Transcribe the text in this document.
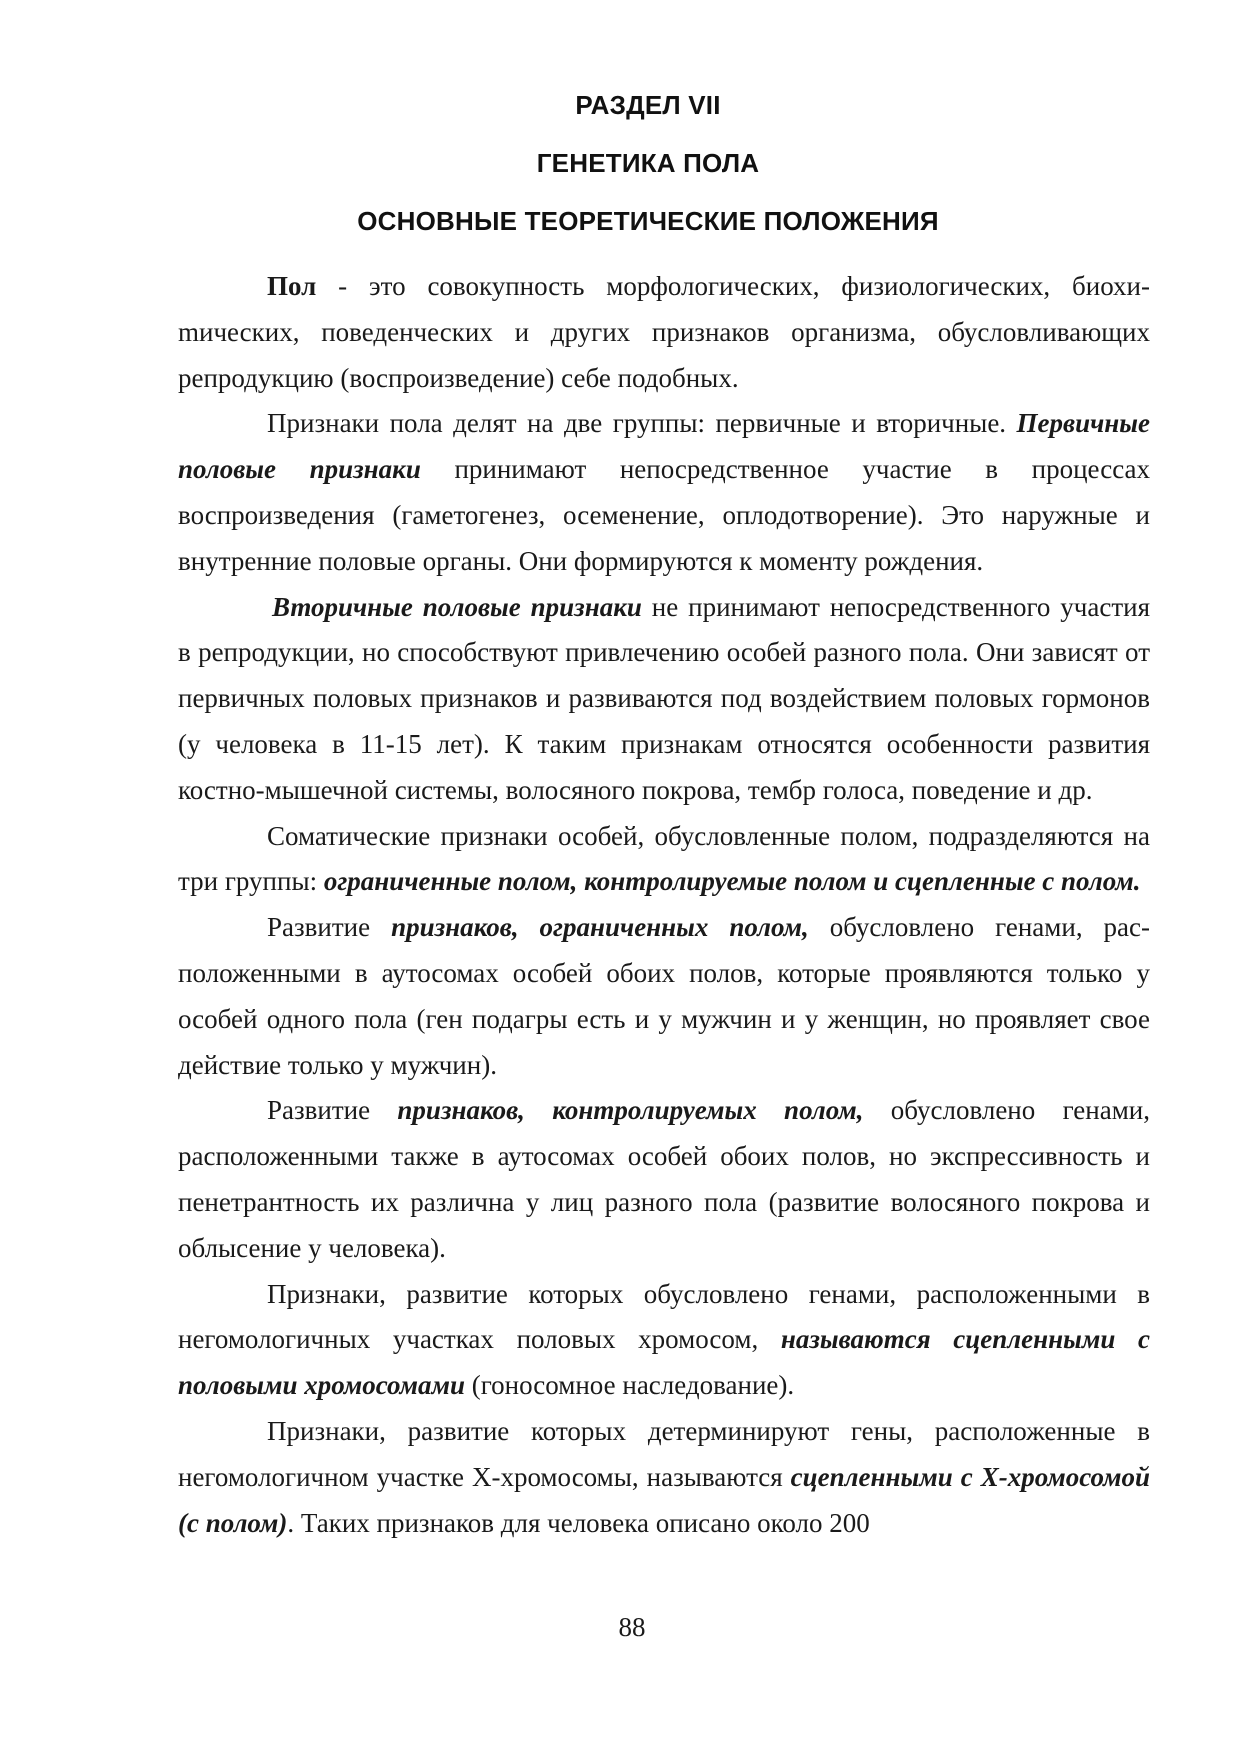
РАЗДЕЛ VII
ГЕНЕТИКА ПОЛА
ОСНОВНЫЕ ТЕОРЕТИЧЕСКИЕ ПОЛОЖЕНИЯ

Пол - это совокупность морфологических, физиологических, биохиmических, поведенческих и других признаков организма, обусловливающих репродукцию (воспроизведение) себе подобных.

Признаки пола делят на две группы: первичные и вторичные. Первичные половые признаки принимают непосредственное участие в процессах воспроизведения (гаметогенез, осеменение, оплодотворение). Это наружные и внутренние половые органы. Они формируются к моменту рождения.

Вторичные половые признаки не принимают непосредственного участия в репродукции, но способствуют привлечению особей разного пола. Они зависят от первичных половых признаков и развиваются под воздействием половых гормонов (у человека в 11-15 лет). К таким признакам относятся особенности развития костно-мышечной системы, волосяного покрова, тембр голоса, поведение и др.

Соматические признаки особей, обусловленные полом, подразделяются на три группы: ограниченные полом, контролируемые полом и сцепленные с полом.

Развитие признаков, ограниченных полом, обусловлено генами, расположенными в аутосомах особей обоих полов, которые проявляются только у особей одного пола (ген подагры есть и у мужчин и у женщин, но проявляет свое действие только у мужчин).

Развитие признаков, контролируемых полом, обусловлено генами, расположенными также в аутосомах особей обоих полов, но экспрессивность и пенетрантность их различна у лиц разного пола (развитие волосяного покрова и облысение у человека).

Признаки, развитие которых обусловлено генами, расположенными в негомологичных участках половых хромосом, называются сцепленными с половыми хромосомами (гоносомное наследование).

Признаки, развитие которых детерминируют гены, расположенные в негомологичном участке Х-хромосомы, называются сцепленными с Х-хромосомой (с полом). Таких признаков для человека описано около 200

88
